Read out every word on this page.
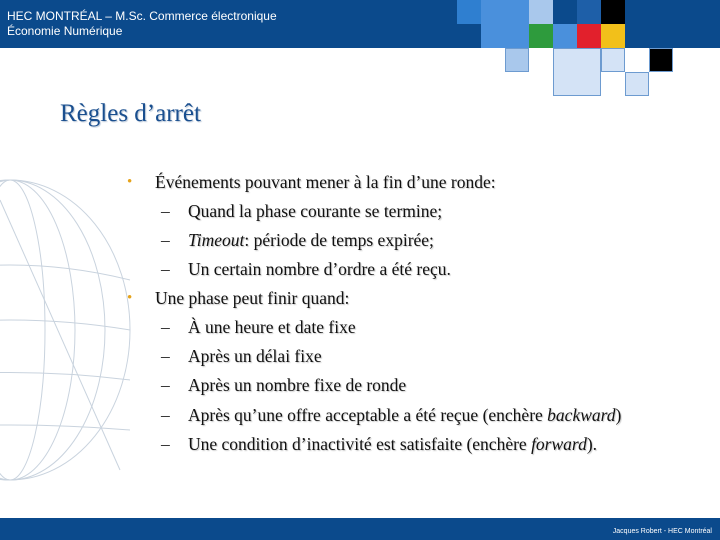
HEC MONTRÉAL – M.Sc. Commerce électronique
Économie Numérique
Règles d’arrêt
• Événements pouvant mener à la fin d’une ronde:
– Quand la phase courante se termine;
– Timeout: période de temps expirée;
– Un certain nombre d’ordre a été reçu.
• Une phase peut finir quand:
– À une heure et date fixe
– Après un délai fixe
– Après un nombre fixe de ronde
– Après qu’une offre acceptable a été reçue (enchère backward)
– Une condition d’inactivité est satisfaite (enchère forward).
Jacques Robert - HEC Montréal
